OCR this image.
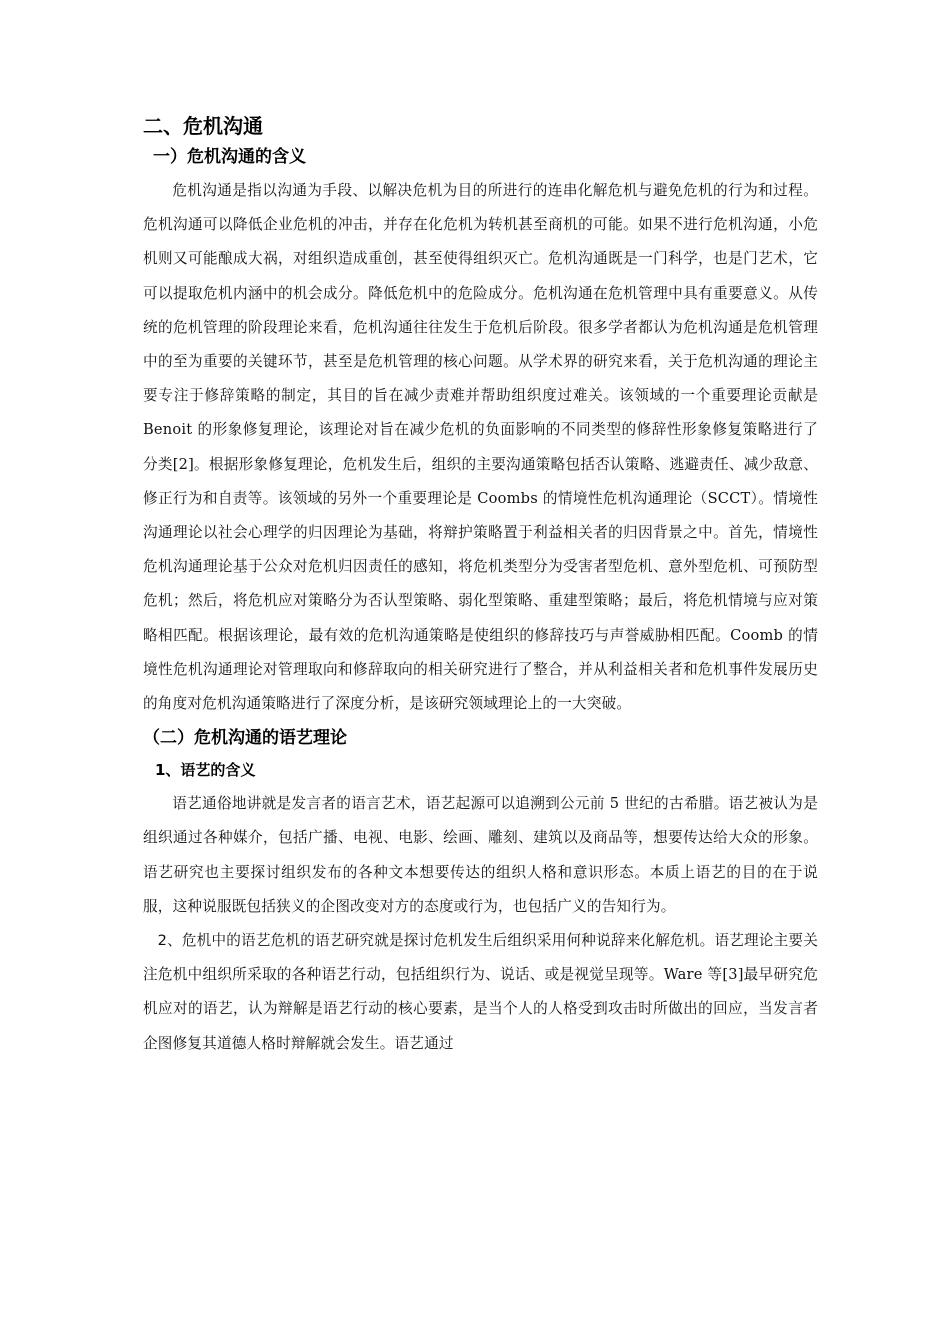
二、危机沟通
一）危机沟通的含义

危机沟通是指以沟通为手段、以解决危机为目的所进行的连串化解危机与避免危机的行为和过程。危机沟通可以降低企业危机的冲击，并存在化危机为转机甚至商机的可能。如果不进行危机沟通，小危机则又可能酿成大祸，对组织造成重创，甚至使得组织灭亡。危机沟通既是一门科学，也是门艺术，它可以提取危机内涵中的机会成分。降低危机中的危险成分。危机沟通在危机管理中具有重要意义。从传统的危机管理的阶段理论来看，危机沟通往往发生于危机后阶段。很多学者都认为危机沟通是危机管理中的至为重要的关键环节，甚至是危机管理的核心问题。从学术界的研究来看，关于危机沟通的理论主要专注于修辞策略的制定，其目的旨在减少责难并帮助组织度过难关。该领域的一个重要理论贡献是 Benoit 的形象修复理论，该理论对旨在减少危机的负面影响的不同类型的修辞性形象修复策略进行了分类[2]。根据形象修复理论，危机发生后，组织的主要沟通策略包括否认策略、逃避责任、减少敌意、修正行为和自责等。该领域的另外一个重要理论是 Coombs 的情境性危机沟通理论（SCCT）。情境性沟通理论以社会心理学的归因理论为基础，将辩护策略置于利益相关者的归因背景之中。首先，情境性危机沟通理论基于公众对危机归因责任的感知，将危机类型分为受害者型危机、意外型危机、可预防型危机；然后，将危机应对策略分为否认型策略、弱化型策略、重建型策略；最后，将危机情境与应对策略相匹配。根据该理论，最有效的危机沟通策略是使组织的修辞技巧与声誉威胁相匹配。Coomb 的情境性危机沟通理论对管理取向和修辞取向的相关研究进行了整合，并从利益相关者和危机事件发展历史的角度对危机沟通策略进行了深度分析，是该研究领域理论上的一大突破。

（二）危机沟通的语艺理论
1、语艺的含义

语艺通俗地讲就是发言者的语言艺术，语艺起源可以追溯到公元前 5 世纪的古希腊。语艺被认为是组织通过各种媒介，包括广播、电视、电影、绘画、雕刻、建筑以及商品等，想要传达给大众的形象。语艺研究也主要探讨组织发布的各种文本想要传达的组织人格和意识形态。本质上语艺的目的在于说服，这种说服既包括狭义的企图改变对方的态度或行为，也包括广义的告知行为。

2、危机中的语艺危机的语艺研究就是探讨危机发生后组织采用何种说辞来化解危机。语艺理论主要关注危机中组织所采取的各种语艺行动，包括组织行为、说话、或是视觉呈现等。Ware 等[3]最早研究危机应对的语艺，认为辩解是语艺行动的核心要素，是当个人的人格受到攻击时所做出的回应，当发言者企图修复其道德人格时辩解就会发生。语艺通过
